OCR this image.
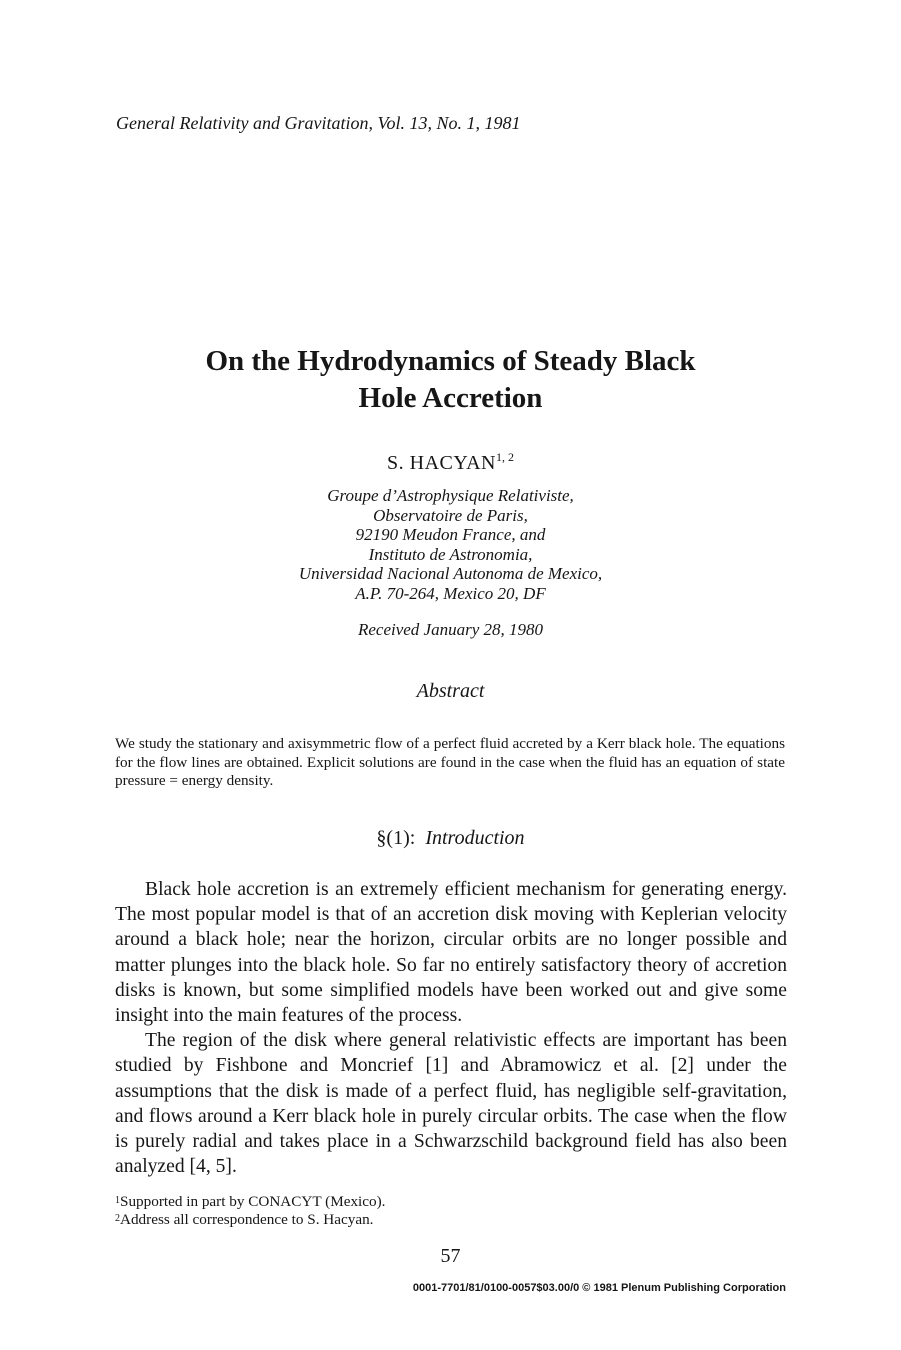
General Relativity and Gravitation, Vol. 13, No. 1, 1981
On the Hydrodynamics of Steady Black
Hole Accretion
S. HACYAN$^{1, 2}$
Groupe d’Astrophysique Relativiste,
Observatoire de Paris,
92190 Meudon France, and
Instituto de Astronomia,
Universidad Nacional Autonoma de Mexico,
A.P. 70-264, Mexico 20, DF
Received January 28, 1980
Abstract
We study the stationary and axisymmetric flow of a perfect fluid accreted by a Kerr black hole. The equations for the flow lines are obtained. Explicit solutions are found in the case when the fluid has an equation of state pressure = energy density.
§(1): Introduction

Black hole accretion is an extremely efficient mechanism for generating energy. The most popular model is that of an accretion disk moving with Keplerian velocity around a black hole; near the horizon, circular orbits are no longer possible and matter plunges into the black hole. So far no entirely satisfactory theory of accretion disks is known, but some simplified models have been worked out and give some insight into the main features of the process.

The region of the disk where general relativistic effects are important has been studied by Fishbone and Moncrief [1] and Abramowicz et al. [2] under the assumptions that the disk is made of a perfect fluid, has negligible self-gravitation, and flows around a Kerr black hole in purely circular orbits. The case when the flow is purely radial and takes place in a Schwarzschild background field has also been analyzed [4, 5].

$^1$Supported in part by CONACYT (Mexico).
$^2$Address all correspondence to S. Hacyan.
57
0001-7701/81/0100-0057$03.00/0 © 1981 Plenum Publishing Corporation
